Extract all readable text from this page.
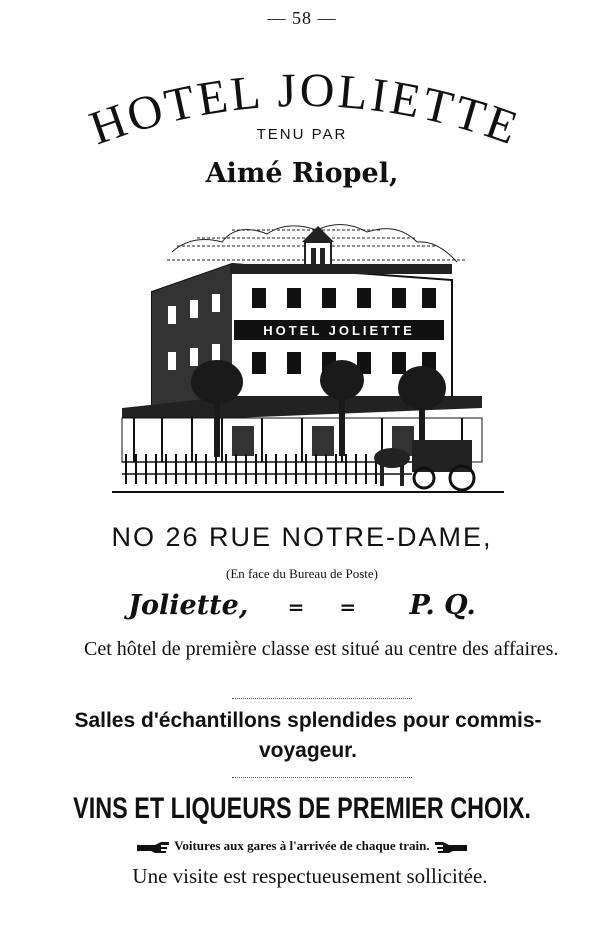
— 58 —
HOTEL JOLIETTE
TENU PAR
Aimé Riopel,
HOTEL JOLIETTE
NO 26 RUE NOTRE-DAME,
(En face du Bureau de Poste)
Joliette, = = P. Q.
Cet hôtel de première classe est situé au centre des affaires.
Salles d'échantillons splendides pour commis-voyageur.
VINS ET LIQUEURS DE PREMIER CHOIX.
Voitures aux gares à l'arrivée de chaque train.
Une visite est respectueusement sollicitée.
